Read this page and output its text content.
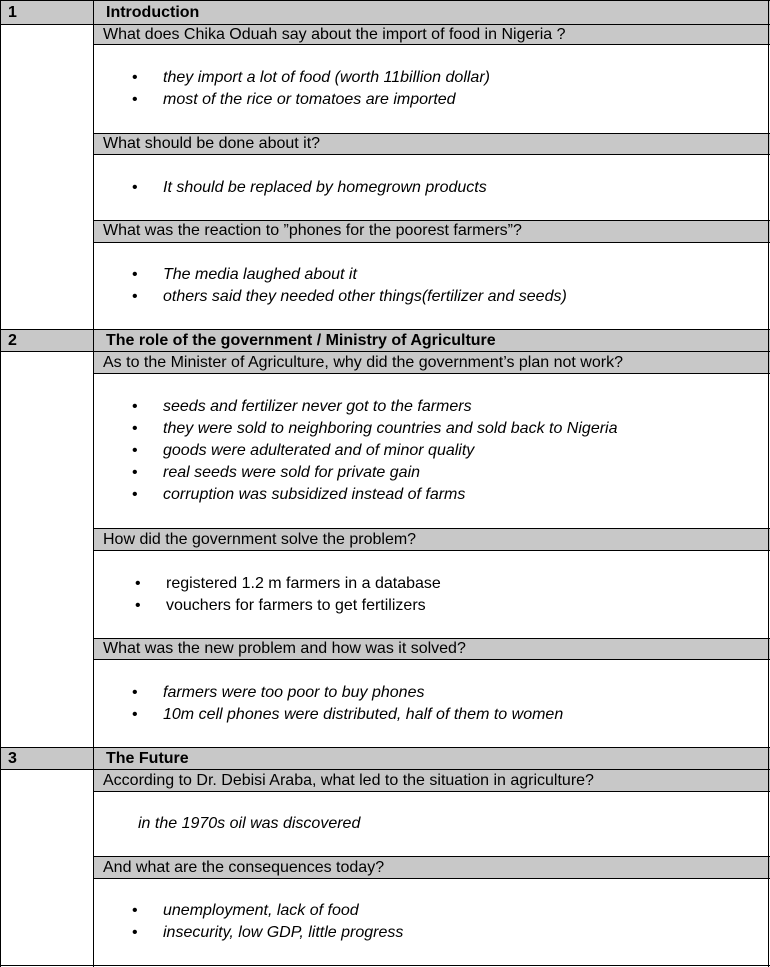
1	Introduction
What does Chika Oduah say about the import of food in Nigeria ?
• they import a lot of food (worth 11billion dollar)
• most of the rice or tomatoes are imported
What should be done about it?
• It should be replaced by homegrown products
What was the reaction to ”phones for the poorest farmers”?
• The media laughed about it
• others said they needed other things(fertilizer and seeds)
2	The role of the government / Ministry of Agriculture
As to the Minister of Agriculture, why did the government’s plan not work?
• seeds and fertilizer never got to the farmers
• they were sold to neighboring countries and sold back to Nigeria
• goods were adulterated and of minor quality
• real seeds were sold for private gain
• corruption was subsidized instead of farms
How did the government solve the problem?
• registered 1.2 m farmers in a database
• vouchers for farmers to get fertilizers
What was the new problem and how was it solved?
• farmers were too poor to buy phones
• 10m cell phones were distributed, half of them to women
3	The Future
According to Dr. Debisi Araba, what led to the situation in agriculture?
in the 1970s oil was discovered
And what are the consequences today?
• unemployment, lack of food
• insecurity, low GDP, little progress
